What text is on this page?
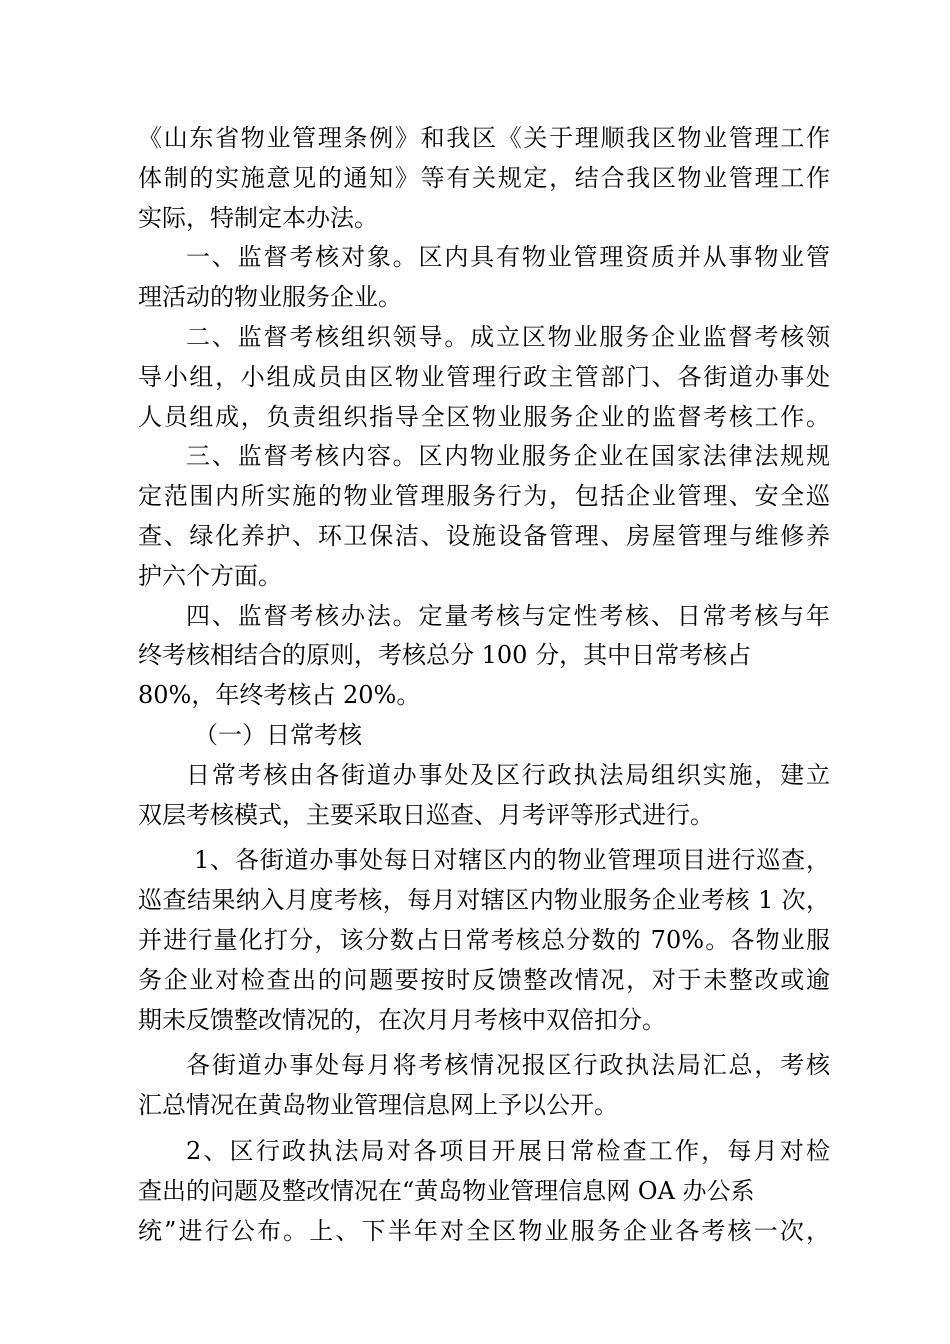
《山东省物业管理条例》和我区《关于理顺我区物业管理工作
体制的实施意见的通知》等有关规定，结合我区物业管理工作
实际，特制定本办法。
一、监督考核对象。区内具有物业管理资质并从事物业管
理活动的物业服务企业。
二、监督考核组织领导。成立区物业服务企业监督考核领
导小组，小组成员由区物业管理行政主管部门、各街道办事处
人员组成，负责组织指导全区物业服务企业的监督考核工作。
三、监督考核内容。区内物业服务企业在国家法律法规规
定范围内所实施的物业管理服务行为，包括企业管理、安全巡
查、绿化养护、环卫保洁、设施设备管理、房屋管理与维修养
护六个方面。
四、监督考核办法。定量考核与定性考核、日常考核与年
终考核相结合的原则，考核总分 100 分，其中日常考核占
80%，年终考核占 20%。
（一）日常考核
日常考核由各街道办事处及区行政执法局组织实施，建立
双层考核模式，主要采取日巡查、月考评等形式进行。
1、各街道办事处每日对辖区内的物业管理项目进行巡查，
巡查结果纳入月度考核，每月对辖区内物业服务企业考核 1 次，
并进行量化打分，该分数占日常考核总分数的 70%。各物业服
务企业对检查出的问题要按时反馈整改情况，对于未整改或逾
期未反馈整改情况的，在次月月考核中双倍扣分。
各街道办事处每月将考核情况报区行政执法局汇总，考核
汇总情况在黄岛物业管理信息网上予以公开。
2、区行政执法局对各项目开展日常检查工作，每月对检
查出的问题及整改情况在“黄岛物业管理信息网 OA 办公系
统”进行公布。上、下半年对全区物业服务企业各考核一次，
